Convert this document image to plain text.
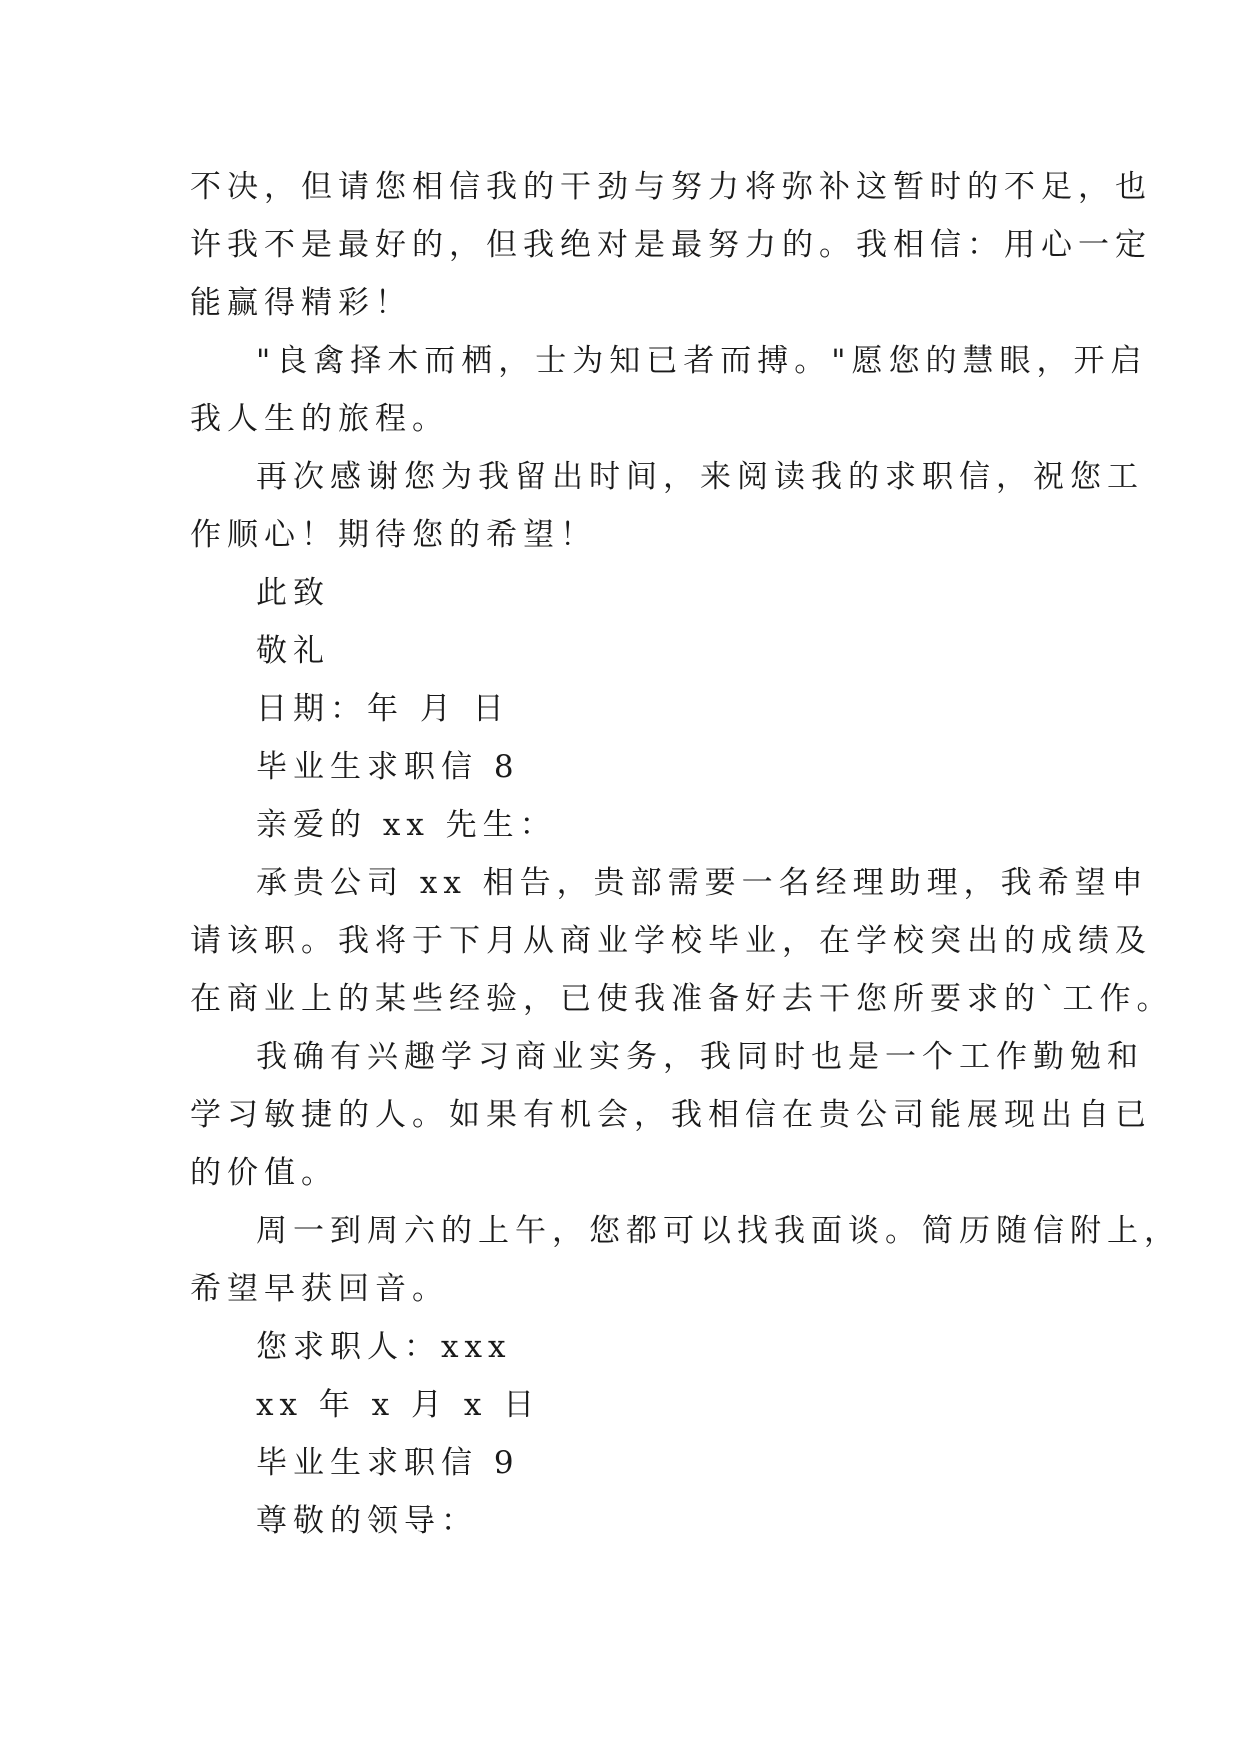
不决，但请您相信我的干劲与努力将弥补这暂时的不足，也
许我不是最好的，但我绝对是最努力的。我相信：用心一定
能赢得精彩！
"良禽择木而栖，士为知已者而搏。"愿您的慧眼，开启
我人生的旅程。
再次感谢您为我留出时间，来阅读我的求职信，祝您工
作顺心！期待您的希望！
此致
敬礼
日期：年 月 日
毕业生求职信 8
亲爱的 xx 先生：
承贵公司 xx 相告，贵部需要一名经理助理，我希望申
请该职。我将于下月从商业学校毕业，在学校突出的成绩及
在商业上的某些经验，已使我准备好去干您所要求的`工作。
我确有兴趣学习商业实务，我同时也是一个工作勤勉和
学习敏捷的人。如果有机会，我相信在贵公司能展现出自已
的价值。
周一到周六的上午，您都可以找我面谈。简历随信附上，
希望早获回音。
您求职人：xxx
xx 年 x 月 x 日
毕业生求职信 9
尊敬的领导：
